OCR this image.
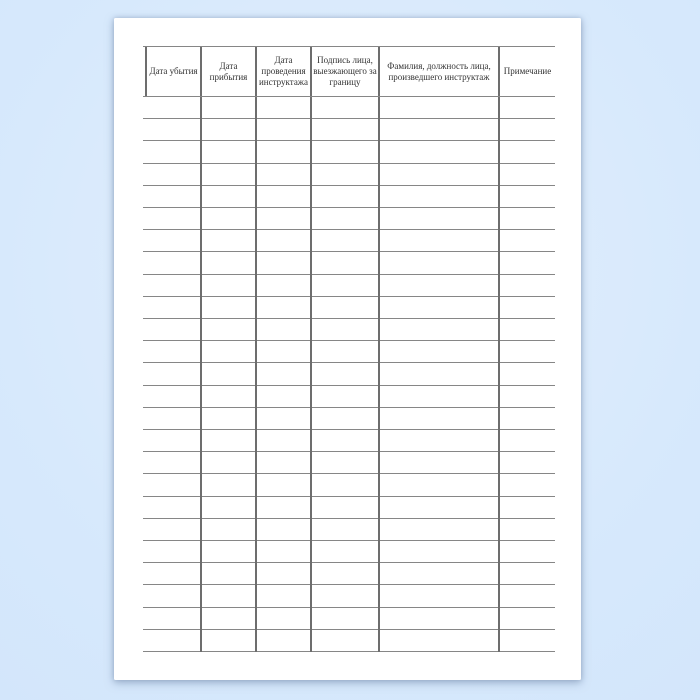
Дата убытия
Дата прибытия
Дата проведения инструктажа
Подпись лица, выезжающего за границу
Фамилия, должность лица, произведшего инструктаж
Примечание
